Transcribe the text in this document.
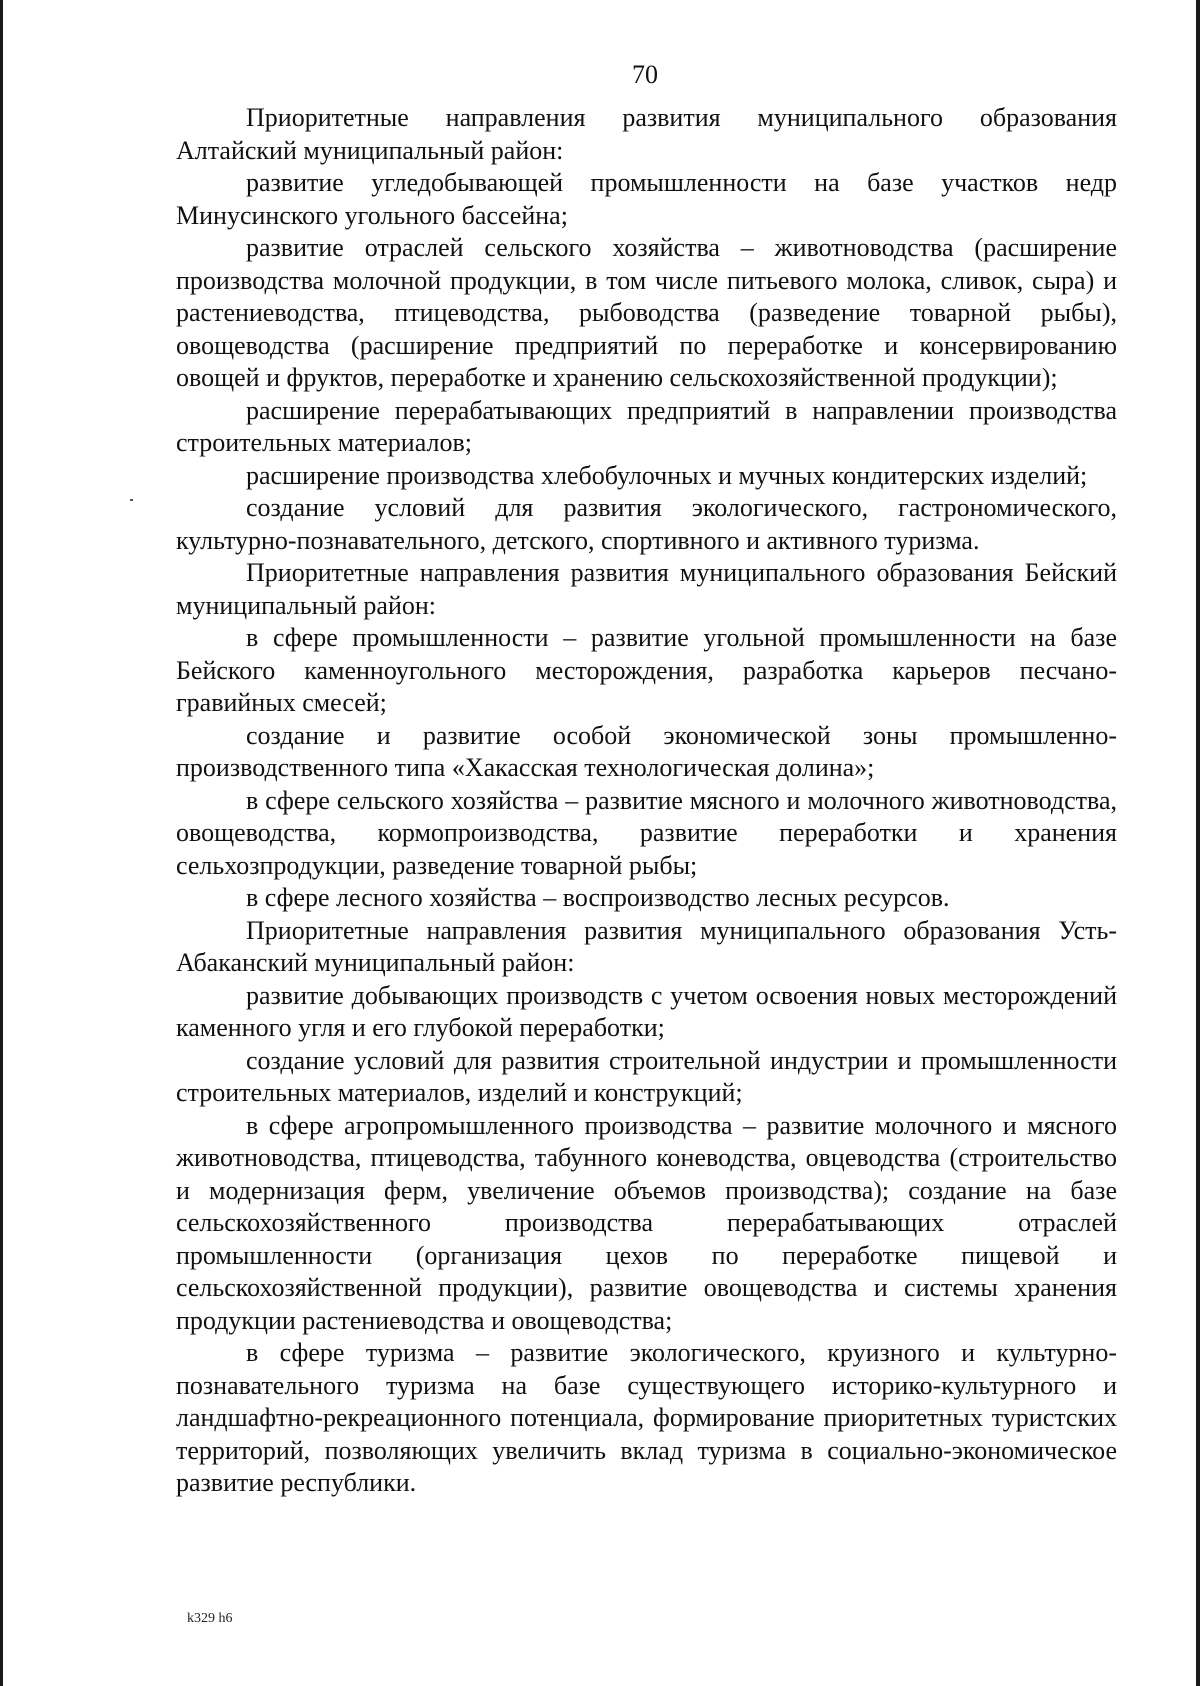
70

Приоритетные направления развития муниципального образования Алтайский муниципальный район:

развитие угледобывающей промышленности на базе участков недр Минусинского угольного бассейна;

развитие отраслей сельского хозяйства – животноводства (расширение производства молочной продукции, в том числе питьевого молока, сливок, сыра) и растениеводства, птицеводства, рыбоводства (разведение товарной рыбы), овощеводства (расширение предприятий по переработке и консервированию овощей и фруктов, переработке и хранению сельскохозяйственной продукции);

расширение перерабатывающих предприятий в направлении производства строительных материалов;

расширение производства хлебобулочных и мучных кондитерских изделий;

создание условий для развития экологического, гастрономического, культурно-познавательного, детского, спортивного и активного туризма.

Приоритетные направления развития муниципального образования Бейский муниципальный район:

в сфере промышленности – развитие угольной промышленности на базе Бейского каменноугольного месторождения, разработка карьеров песчано-гравийных смесей;

создание и развитие особой экономической зоны промышленно-производственного типа «Хакасская технологическая долина»;

в сфере сельского хозяйства – развитие мясного и молочного животноводства, овощеводства, кормопроизводства, развитие переработки и хранения сельхозпродукции, разведение товарной рыбы;

в сфере лесного хозяйства – воспроизводство лесных ресурсов.

Приоритетные направления развития муниципального образования Усть-Абаканский муниципальный район:

развитие добывающих производств с учетом освоения новых месторождений каменного угля и его глубокой переработки;

создание условий для развития строительной индустрии и промышленности строительных материалов, изделий и конструкций;

в сфере агропромышленного производства – развитие молочного и мясного животноводства, птицеводства, табунного коневодства, овцеводства (строительство и модернизация ферм, увеличение объемов производства); создание на базе сельскохозяйственного производства перерабатывающих отраслей промышленности (организация цехов по переработке пищевой и сельскохозяйственной продукции), развитие овощеводства и системы хранения продукции растениеводства и овощеводства;

в сфере туризма – развитие экологического, круизного и культурно-познавательного туризма на базе существующего историко-культурного и ландшафтно-рекреационного потенциала, формирование приоритетных туристских территорий, позволяющих увеличить вклад туризма в социально-экономическое развитие республики.

k329 h6
